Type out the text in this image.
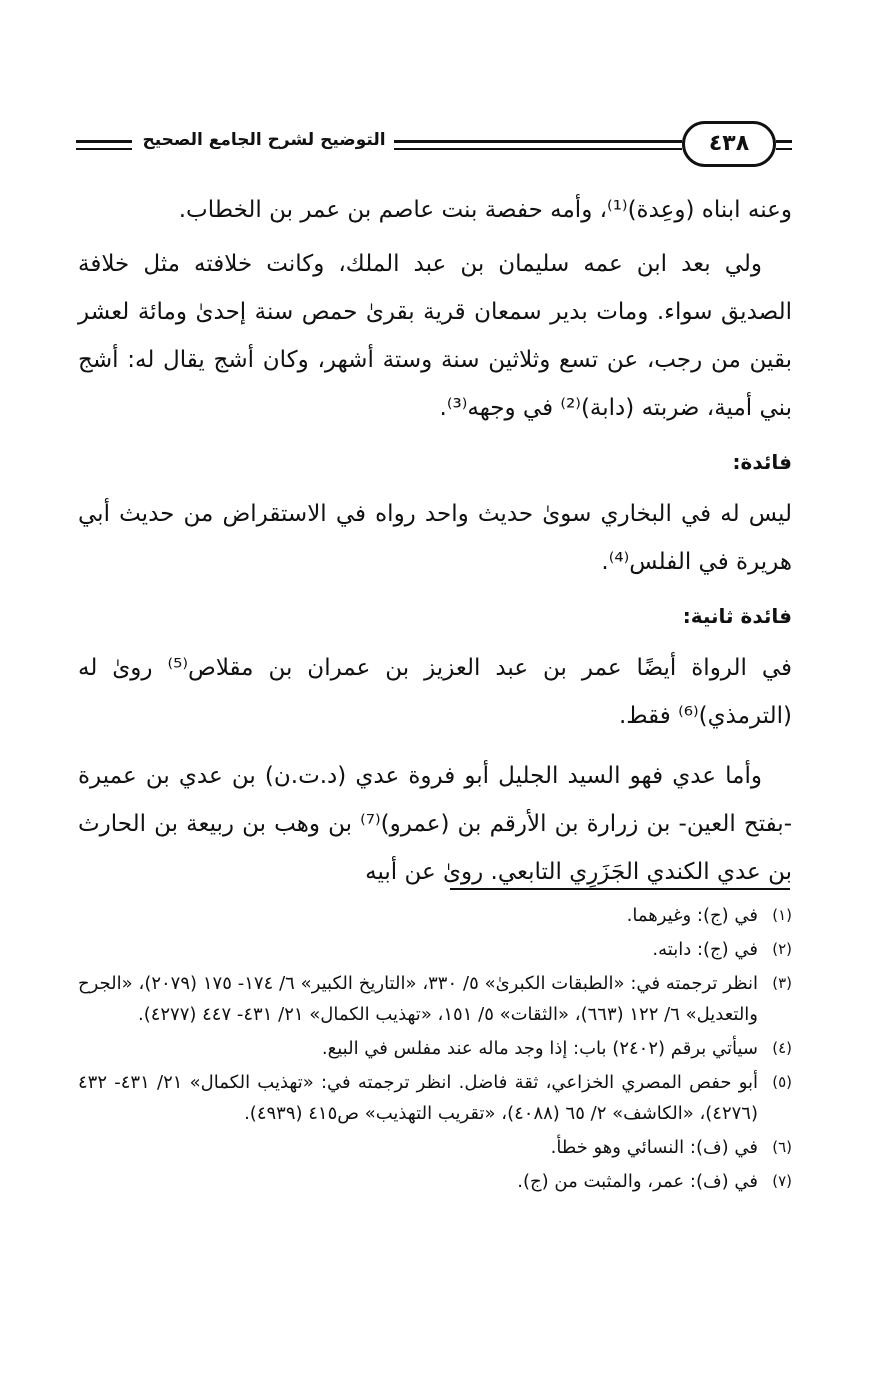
التوضيح لشرح الجامع الصحيح	٤٣٨

وعنه ابناه (وعِدة)⁽¹⁾، وأمه حفصة بنت عاصم بن عمر بن الخطاب.

ولي بعد ابن عمه سليمان بن عبد الملك، وكانت خلافته مثل خلافة الصديق سواء. ومات بدير سمعان قرية بقرىٰ حمص سنة إحدىٰ ومائة لعشر بقين من رجب، عن تسع وثلاثين سنة وستة أشهر، وكان أشج يقال له: أشج بني أمية، ضربته (دابة)⁽²⁾ في وجهه⁽³⁾.

فائدة:

ليس له في البخاري سوىٰ حديث واحد رواه في الاستقراض من حديث أبي هريرة في الفلس⁽⁴⁾.

فائدة ثانية:

في الرواة أيضًا عمر بن عبد العزيز بن عمران بن مقلاص⁽⁵⁾ روىٰ له (الترمذي)⁽⁶⁾ فقط.

وأما عدي فهو السيد الجليل أبو فروة عدي (د.ت.ن) بن عدي بن عميرة -بفتح العين- بن زرارة بن الأرقم بن (عمرو)⁽⁷⁾ بن وهب بن ربيعة بن الحارث بن عدي الكندي الجَزَرِي التابعي. روىٰ عن أبيه

(١)
في (ج): وغيرهما.
(٢)
في (ج): دابته.
(٣)
انظر ترجمته في: «الطبقات الكبرىٰ» ٥/ ٣٣٠، «التاريخ الكبير» ٦/ ١٧٤- ١٧٥ (٢٠٧٩)، «الجرح والتعديل» ٦/ ١٢٢ (٦٦٣)، «الثقات» ٥/ ١٥١، «تهذيب الكمال» ٢١/ ٤٣١- ٤٤٧ (٤٢٧٧).
(٤)
سيأتي برقم (٢٤٠٢) باب: إذا وجد ماله عند مفلس في البيع.
(٥)
أبو حفص المصري الخزاعي، ثقة فاضل. انظر ترجمته في: «تهذيب الكمال» ٢١/ ٤٣١- ٤٣٢ (٤٢٧٦)، «الكاشف» ٢/ ٦٥ (٤٠٨٨)، «تقريب التهذيب» ص٤١٥ (٤٩٣٩).
(٦)
في (ف): النسائي وهو خطأ.
(٧)
في (ف): عمر، والمثبت من (ج).
